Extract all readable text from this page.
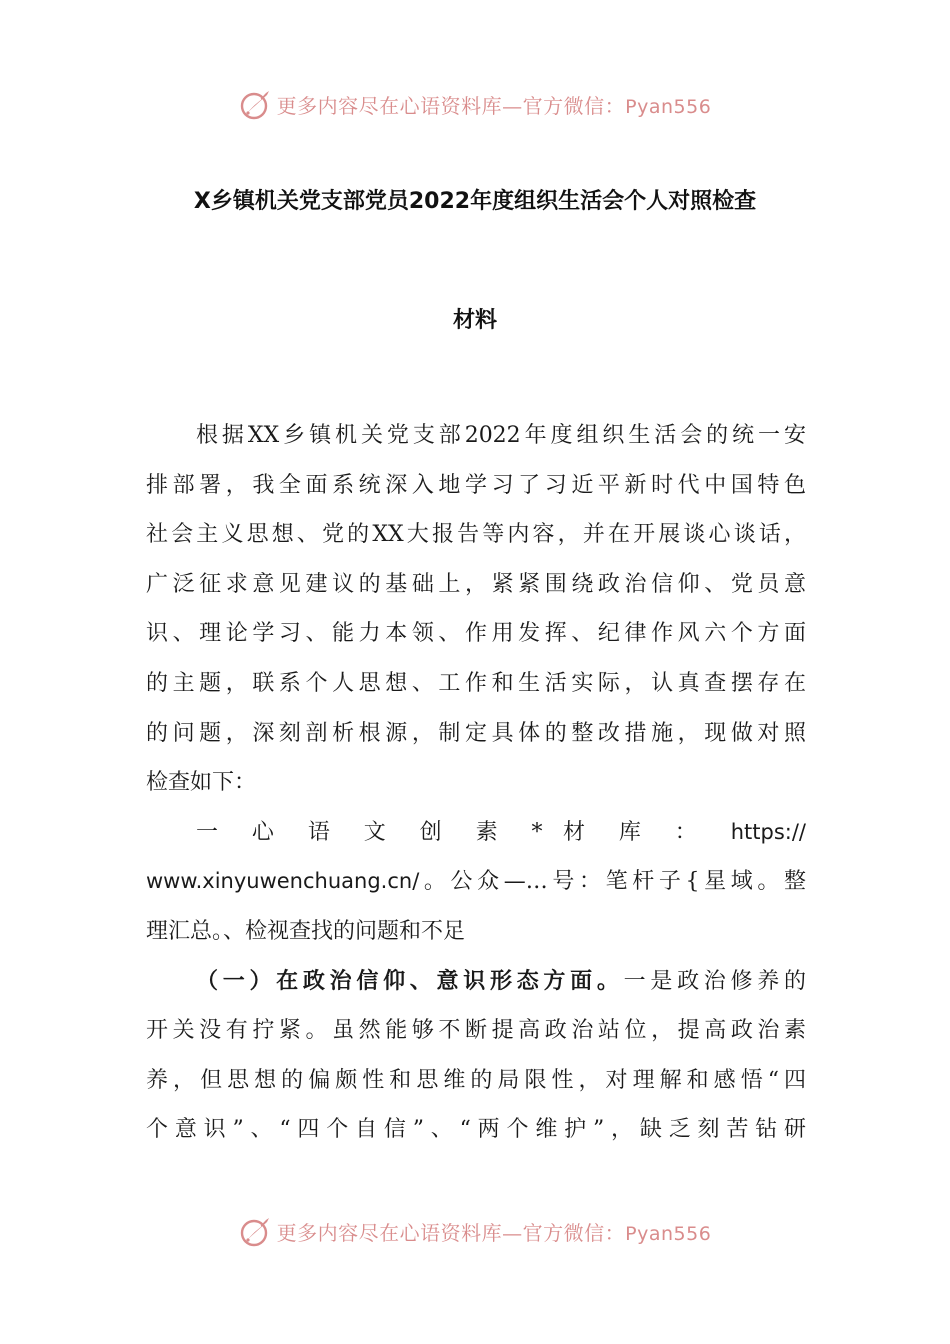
更多内容尽在心语资料库—官方微信：Pyan556
X乡镇机关党支部党员2022年度组织生活会个人对照检查
材料
根据XX乡镇机关党支部2022年度组织生活会的统一安
排部署，我全面系统深入地学习了习近平新时代中国特色
社会主义思想、党的XX大报告等内容，并在开展谈心谈话，
广泛征求意见建议的基础上，紧紧围绕政治信仰、党员意
识、理论学习、能力本领、作用发挥、纪律作风六个方面
的主题，联系个人思想、工作和生活实际，认真查摆存在
的问题，深刻剖析根源，制定具体的整改措施，现做对照
检查如下：
一 心 语 文 创 素 * 材 库 ： https://
www.xinyuwenchuang.cn/。公众—…号：笔杆子{星域。整
理汇总。、检视查找的问题和不足
（一）在政治信仰、意识形态方面。一是政治修养的
开关没有拧紧。虽然能够不断提高政治站位，提高政治素
养，但思想的偏颇性和思维的局限性，对理解和感悟“四
个意识”、“四个自信”、“两个维护”，缺乏刻苦钻研
更多内容尽在心语资料库—官方微信：Pyan556
